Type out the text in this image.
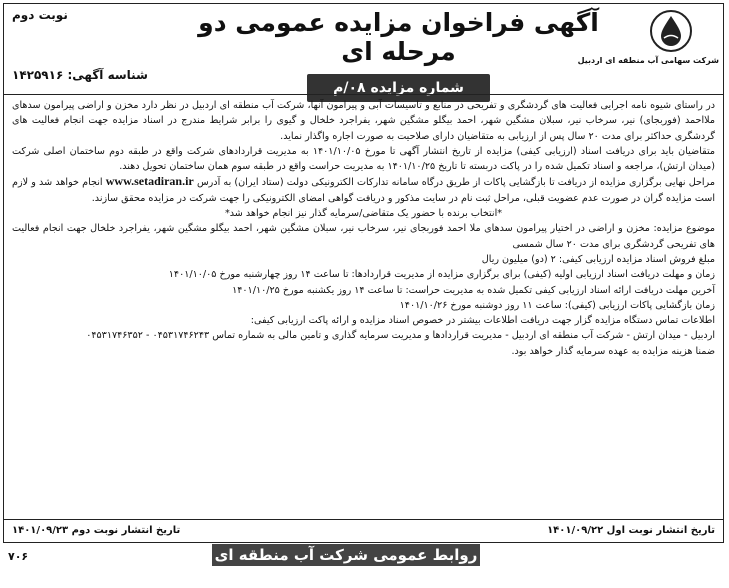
نوبت دوم
شناسه آگهی: ۱۴۲۵۹۱۶
آگهی فراخوان مزایده عمومی دو مرحله ای
شماره مزایده ۰۸/م
شرکت سهامی آب منطقه ای اردبیل

در راستای شیوه نامه اجرایی فعالیت های گردشگری و تفریحی در منابع و تاسیسات آبی و پیرامون آنها، شرکت آب منطقه ای اردبیل در نظر دارد مخزن و اراضی پیرامون سدهای ملااحمد (فوربجای) نیر، سرخاب نیر، سبلان مشگین شهر، احمد بیگلو مشگین شهر، یفراجرد خلخال و گیوی را برابر شرایط مندرج در اسناد مزایده جهت انجام فعالیت های گردشگری حداکثر برای مدت ۲۰ سال پس از ارزیابی به متقاضیان دارای صلاحیت به صورت اجاره واگذار نماید.

متقاضیان باید برای دریافت اسناد (ارزیابی کیفی) مزایده از تاریخ انتشار آگهی تا مورخ ۱۴۰۱/۱۰/۰۵ به مدیریت قراردادهای شرکت واقع در طبقه دوم ساختمان اصلی شرکت (میدان ارتش)، مراجعه و اسناد تکمیل شده را در پاکت دربسته تا تاریخ ۱۴۰۱/۱۰/۲۵ به مدیریت حراست واقع در طبقه سوم همان ساختمان تحویل دهند.

مراحل نهایی برگزاری مزایده از دریافت تا بازگشایی پاکات از طریق درگاه سامانه تدارکات الکترونیکی دولت (ستاد ایران) به آدرس www.setadiran.ir انجام خواهد شد و لازم است مزایده گران در صورت عدم عضویت قبلی، مراحل ثبت نام در سایت مذکور و دریافت گواهی امضای الکترونیکی را جهت شرکت در مزایده محقق سازند.

*انتخاب برنده با حضور یک متقاضی/سرمایه گذار نیز انجام خواهد شد*

موضوع مزایده: مخزن و اراضی در اختیار پیرامون سدهای ملا احمد فوربجای نیر، سرخاب نیر، سبلان مشگین شهر، احمد بیگلو مشگین شهر، یفراجرد خلخال جهت انجام فعالیت های تفریحی گردشگری برای مدت ۲۰ سال شمسی

مبلغ فروش اسناد مزایده ارزیابی کیفی: ۲ (دو) میلیون ریال

زمان و مهلت دریافت اسناد ارزیابی اولیه (کیفی) برای برگزاری مزایده از مدیریت قراردادها: تا ساعت ۱۴ روز چهارشنبه مورخ ۱۴۰۱/۱۰/۰۵

آخرین مهلت دریافت ارائه اسناد ارزیابی کیفی تکمیل شده به مدیریت حراست: تا ساعت ۱۴ روز یکشنبه مورخ ۱۴۰۱/۱۰/۲۵

زمان بازگشایی پاکات ارزیابی (کیفی): ساعت ۱۱ روز دوشنبه مورخ ۱۴۰۱/۱۰/۲۶

اطلاعات تماس دستگاه مزایده گزار جهت دریافت اطلاعات بیشتر در خصوص اسناد مزایده و ارائه پاکت ارزیابی کیفی:

اردبیل - میدان ارتش - شرکت آب منطقه ای اردبیل - مدیریت قراردادها و مدیریت سرمایه گذاری و تامین مالی به شماره تماس ۰۴۵۳۱۷۴۶۲۴۳ - ۰۴۵۳۱۷۴۶۳۵۲

ضمنا هزینه مزایده به عهده سرمایه گذار خواهد بود.

تاریخ انتشار نوبت اول ۱۴۰۱/۰۹/۲۲
تاریخ انتشار نوبت دوم ۱۴۰۱/۰۹/۲۳
روابط عمومی شرکت آب منطقه ای اردبیل
۷۰۶
